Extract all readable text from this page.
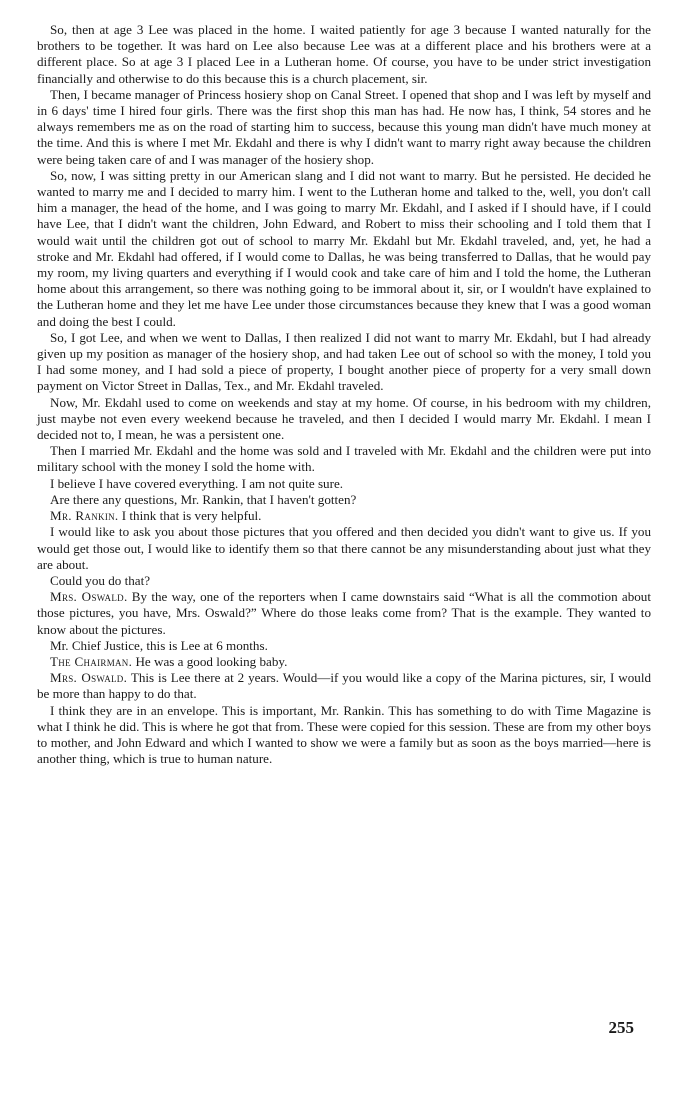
So, then at age 3 Lee was placed in the home. I waited patiently for age 3 because I wanted naturally for the brothers to be together. It was hard on Lee also because Lee was at a different place and his brothers were at a different place. So at age 3 I placed Lee in a Lutheran home. Of course, you have to be under strict investigation financially and otherwise to do this because this is a church placement, sir.

Then, I became manager of Princess hosiery shop on Canal Street. I opened that shop and I was left by myself and in 6 days' time I hired four girls. There was the first shop this man has had. He now has, I think, 54 stores and he always remembers me as on the road of starting him to success, because this young man didn't have much money at the time. And this is where I met Mr. Ekdahl and there is why I didn't want to marry right away because the children were being taken care of and I was manager of the hosiery shop.

So, now, I was sitting pretty in our American slang and I did not want to marry. But he persisted. He decided he wanted to marry me and I decided to marry him. I went to the Lutheran home and talked to the, well, you don't call him a manager, the head of the home, and I was going to marry Mr. Ekdahl, and I asked if I should have, if I could have Lee, that I didn't want the children, John Edward, and Robert to miss their schooling and I told them that I would wait until the children got out of school to marry Mr. Ekdahl but Mr. Ekdahl traveled, and, yet, he had a stroke and Mr. Ekdahl had offered, if I would come to Dallas, he was being transferred to Dallas, that he would pay my room, my living quarters and everything if I would cook and take care of him and I told the home, the Lutheran home about this arrangement, so there was nothing going to be immoral about it, sir, or I wouldn't have explained to the Lutheran home and they let me have Lee under those circumstances because they knew that I was a good woman and doing the best I could.

So, I got Lee, and when we went to Dallas, I then realized I did not want to marry Mr. Ekdahl, but I had already given up my position as manager of the hosiery shop, and had taken Lee out of school so with the money, I told you I had some money, and I had sold a piece of property, I bought another piece of property for a very small down payment on Victor Street in Dallas, Tex., and Mr. Ekdahl traveled.

Now, Mr. Ekdahl used to come on weekends and stay at my home. Of course, in his bedroom with my children, just maybe not even every weekend because he traveled, and then I decided I would marry Mr. Ekdahl. I mean I decided not to, I mean, he was a persistent one.

Then I married Mr. Ekdahl and the home was sold and I traveled with Mr. Ekdahl and the children were put into military school with the money I sold the home with.

I believe I have covered everything. I am not quite sure.

Are there any questions, Mr. Rankin, that I haven't gotten?

Mr. Rankin. I think that is very helpful.

I would like to ask you about those pictures that you offered and then decided you didn't want to give us. If you would get those out, I would like to identify them so that there cannot be any misunderstanding about just what they are about.

Could you do that?

Mrs. Oswald. By the way, one of the reporters when I came downstairs said “What is all the commotion about those pictures, you have, Mrs. Oswald?” Where do those leaks come from? That is the example. They wanted to know about the pictures.

Mr. Chief Justice, this is Lee at 6 months.

The Chairman. He was a good looking baby.

Mrs. Oswald. This is Lee there at 2 years. Would—if you would like a copy of the Marina pictures, sir, I would be more than happy to do that.

I think they are in an envelope. This is important, Mr. Rankin. This has something to do with Time Magazine is what I think he did. This is where he got that from. These were copied for this session. These are from my other boys to mother, and John Edward and which I wanted to show we were a family but as soon as the boys married—here is another thing, which is true to human nature.

255
